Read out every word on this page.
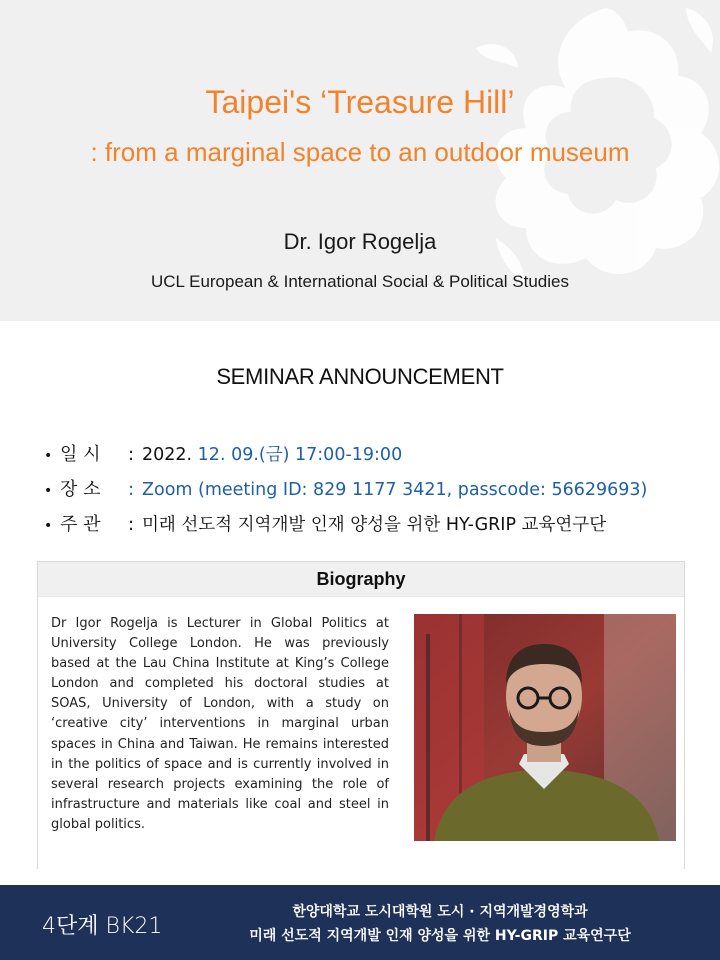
Taipei's ‘Treasure Hill’
: from a marginal space to an outdoor museum
Dr. Igor Rogelja
UCL European & International Social & Political Studies
SEMINAR ANNOUNCEMENT
• 일 시	: 2022. 12. 09.(금) 17:00-19:00
• 장 소	: Zoom (meeting ID: 829 1177 3421, passcode: 56629693)
• 주 관	: 미래 선도적 지역개발 인재 양성을 위한 HY-GRIP 교육연구단
Biography
Dr Igor Rogelja is Lecturer in Global Politics at University College London. He was previously based at the Lau China Institute at King’s College London and completed his doctoral studies at SOAS, University of London, with a study on ‘creative city’ interventions in marginal urban spaces in China and Taiwan. He remains interested in the politics of space and is currently involved in several research projects examining the role of infrastructure and materials like coal and steel in global politics.
4단계 BK21
한양대학교 도시대학원 도시 · 지역개발경영학과
미래 선도적 지역개발 인재 양성을 위한 HY-GRIP 교육연구단
